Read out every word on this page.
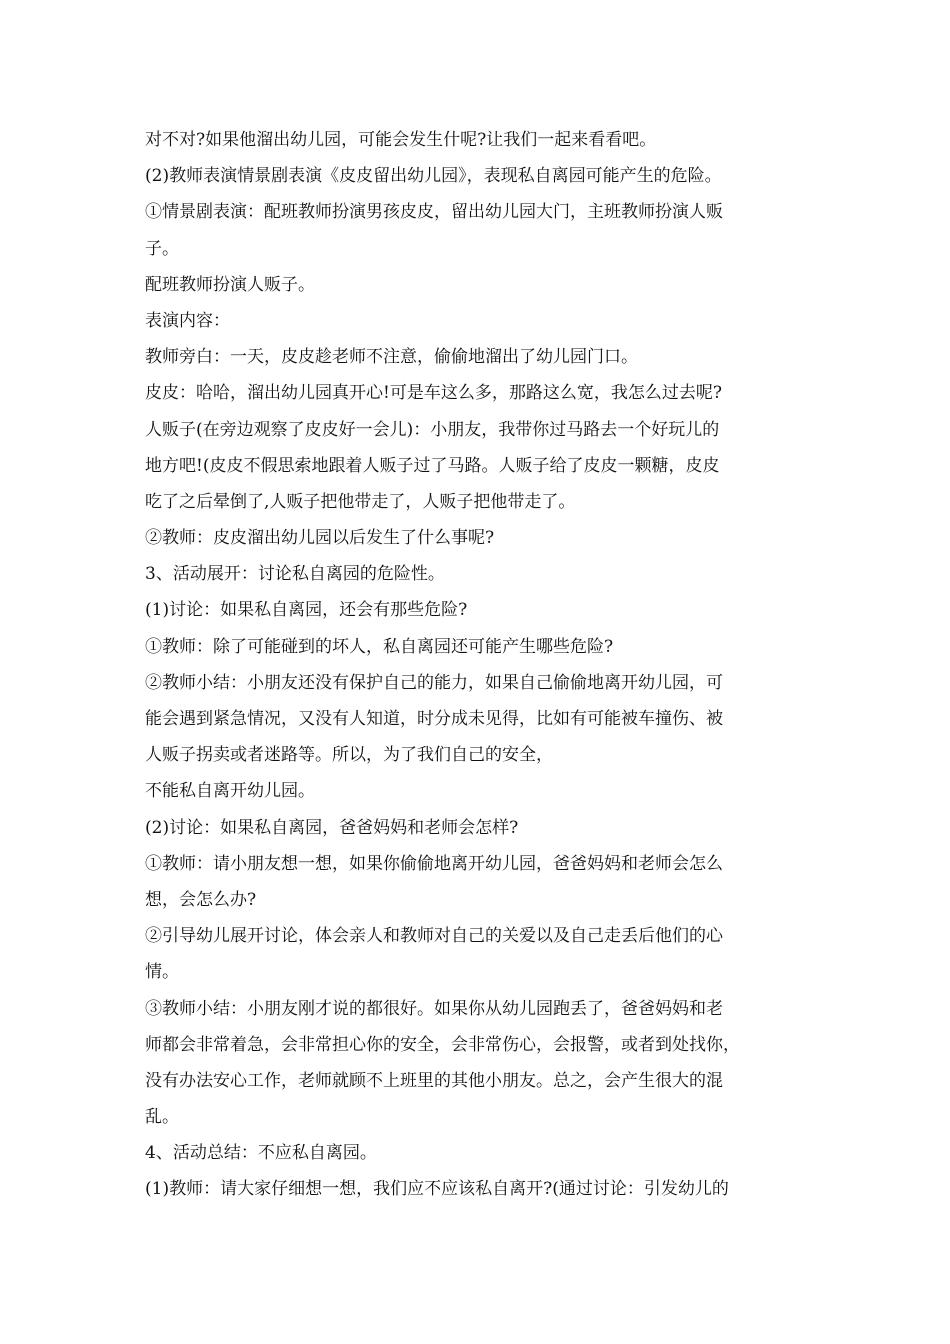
对不对?如果他溜出幼儿园，可能会发生什呢?让我们一起来看看吧。
(2)教师表演情景剧表演《皮皮留出幼儿园》，表现私自离园可能产生的危险。
①情景剧表演：配班教师扮演男孩皮皮，留出幼儿园大门，主班教师扮演人贩
子。
配班教师扮演人贩子。
表演内容：
教师旁白：一天，皮皮趁老师不注意，偷偷地溜出了幼儿园门口。
皮皮：哈哈，溜出幼儿园真开心!可是车这么多，那路这么宽，我怎么过去呢?
人贩子(在旁边观察了皮皮好一会儿)：小朋友，我带你过马路去一个好玩儿的
地方吧!(皮皮不假思索地跟着人贩子过了马路。人贩子给了皮皮一颗糖，皮皮
吃了之后晕倒了,人贩子把他带走了，人贩子把他带走了。
②教师：皮皮溜出幼儿园以后发生了什么事呢?
3、活动展开：讨论私自离园的危险性。
(1)讨论：如果私自离园，还会有那些危险?
①教师：除了可能碰到的坏人，私自离园还可能产生哪些危险?
②教师小结：小朋友还没有保护自己的能力，如果自己偷偷地离开幼儿园，可
能会遇到紧急情况，又没有人知道，时分成未见得，比如有可能被车撞伤、被
人贩子拐卖或者迷路等。所以，为了我们自己的安全，
不能私自离开幼儿园。
(2)讨论：如果私自离园，爸爸妈妈和老师会怎样?
①教师：请小朋友想一想，如果你偷偷地离开幼儿园，爸爸妈妈和老师会怎么
想，会怎么办?
②引导幼儿展开讨论，体会亲人和教师对自己的关爱以及自己走丢后他们的心
情。
③教师小结：小朋友刚才说的都很好。如果你从幼儿园跑丢了，爸爸妈妈和老
师都会非常着急，会非常担心你的安全，会非常伤心，会报警，或者到处找你，
没有办法安心工作，老师就顾不上班里的其他小朋友。总之，会产生很大的混
乱。
4、活动总结：不应私自离园。
(1)教师：请大家仔细想一想，我们应不应该私自离开?(通过讨论：引发幼儿的
